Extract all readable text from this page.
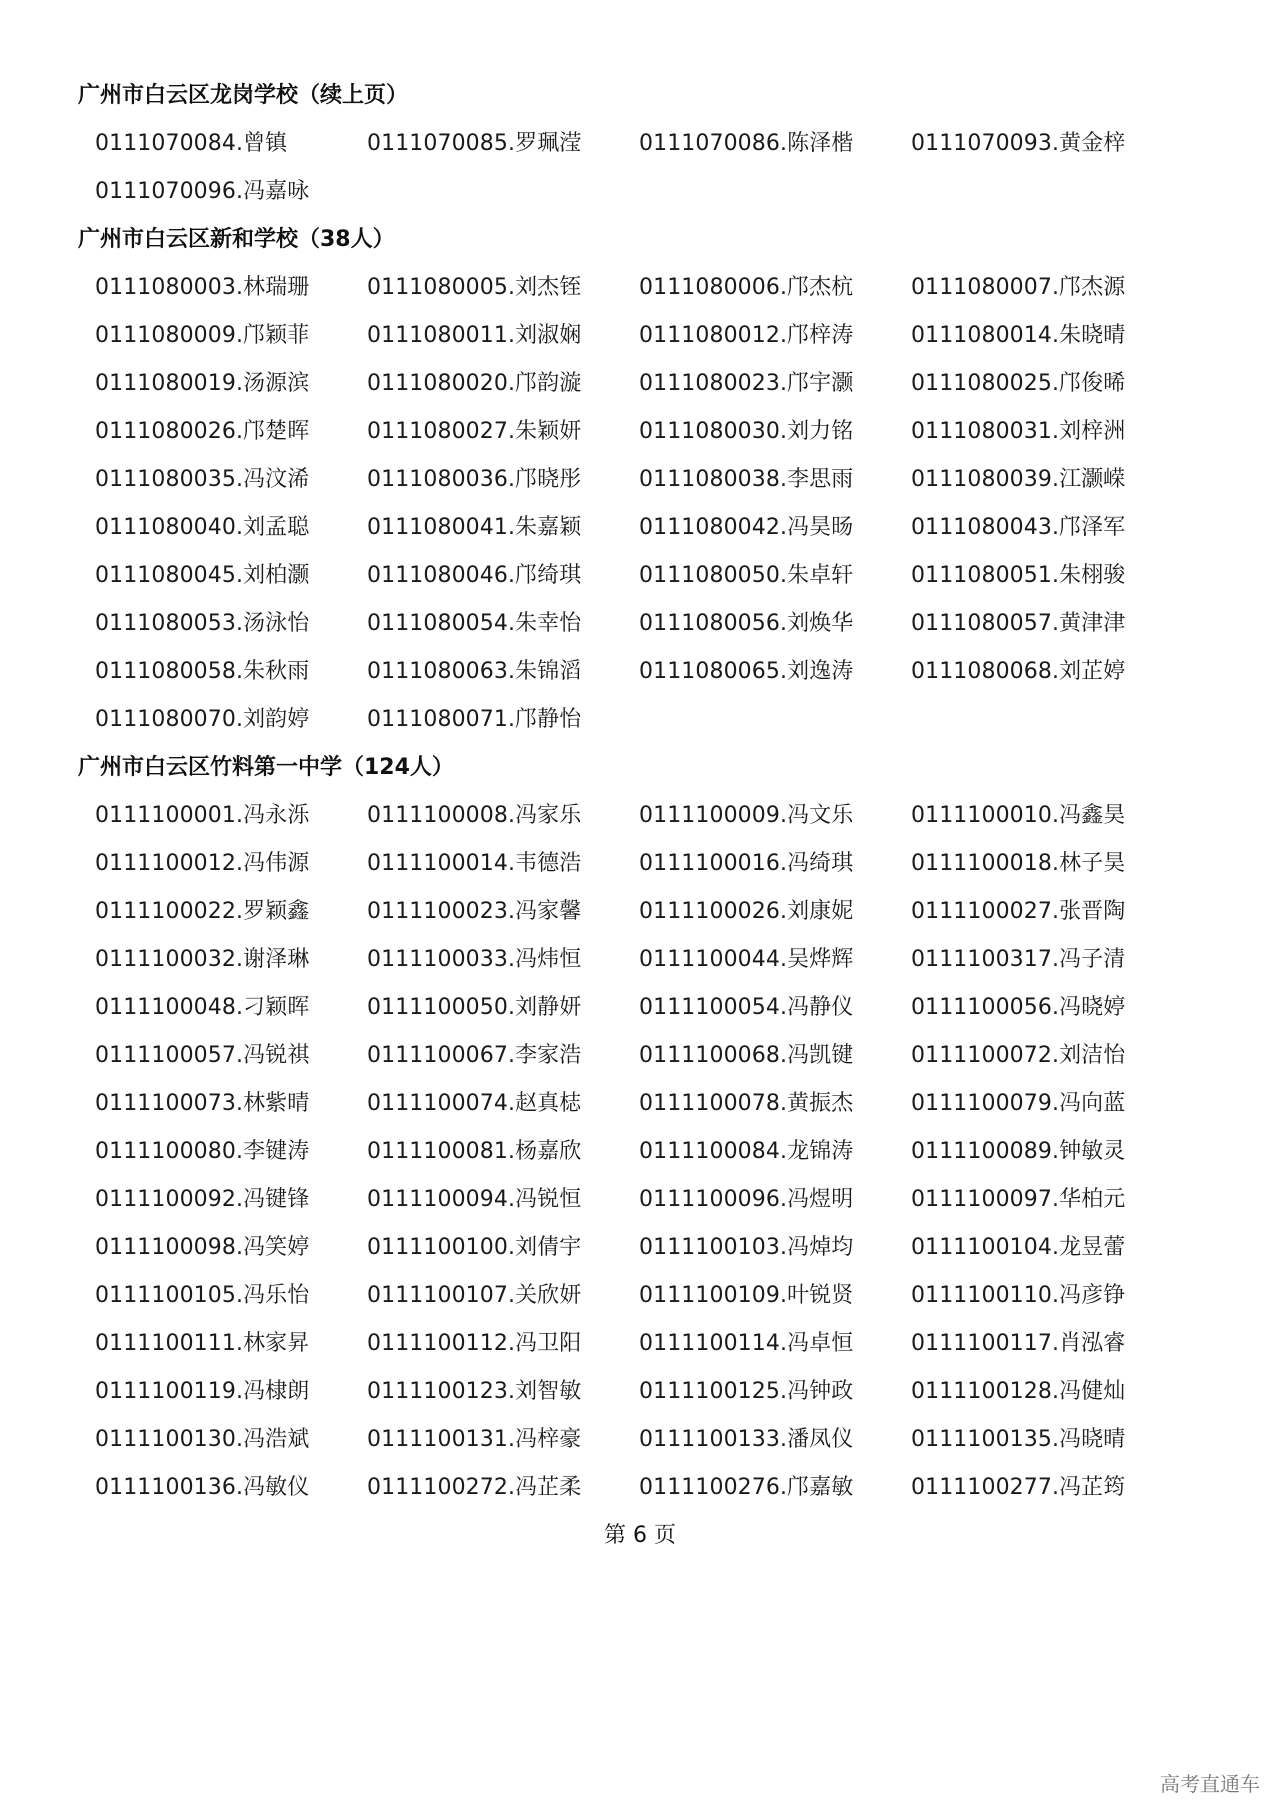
广州市白云区龙岗学校（续上页）
0111070084.曾镇	0111070085.罗珮滢	0111070086.陈泽楷	0111070093.黄金梓
0111070096.冯嘉咏
广州市白云区新和学校（38人）
0111080003.林瑞珊	0111080005.刘杰铚	0111080006.邝杰杭	0111080007.邝杰源
0111080009.邝颖菲	0111080011.刘淑娴	0111080012.邝梓涛	0111080014.朱晓晴
0111080019.汤源滨	0111080020.邝韵漩	0111080023.邝宇灏	0111080025.邝俊晞
0111080026.邝楚晖	0111080027.朱颖妍	0111080030.刘力铭	0111080031.刘梓洲
0111080035.冯汶浠	0111080036.邝晓彤	0111080038.李思雨	0111080039.江灏嵘
0111080040.刘孟聪	0111080041.朱嘉颖	0111080042.冯昊旸	0111080043.邝泽军
0111080045.刘柏灏	0111080046.邝绮琪	0111080050.朱卓轩	0111080051.朱栩骏
0111080053.汤泳怡	0111080054.朱幸怡	0111080056.刘焕华	0111080057.黄津津
0111080058.朱秋雨	0111080063.朱锦滔	0111080065.刘逸涛	0111080068.刘芷婷
0111080070.刘韵婷	0111080071.邝静怡
广州市白云区竹料第一中学（124人）
0111100001.冯永泺	0111100008.冯家乐	0111100009.冯文乐	0111100010.冯鑫昊
0111100012.冯伟源	0111100014.韦德浩	0111100016.冯绮琪	0111100018.林子昊
0111100022.罗颖鑫	0111100023.冯家馨	0111100026.刘康妮	0111100027.张晋陶
0111100032.谢泽琳	0111100033.冯炜恒	0111100044.吴烨辉	0111100317.冯子清
0111100048.刁颖晖	0111100050.刘静妍	0111100054.冯静仪	0111100056.冯晓婷
0111100057.冯锐祺	0111100067.李家浩	0111100068.冯凯键	0111100072.刘洁怡
0111100073.林紫晴	0111100074.赵真梽	0111100078.黄振杰	0111100079.冯向蓝
0111100080.李键涛	0111100081.杨嘉欣	0111100084.龙锦涛	0111100089.钟敏灵
0111100092.冯键锋	0111100094.冯锐恒	0111100096.冯煜明	0111100097.华柏元
0111100098.冯笑婷	0111100100.刘倩宇	0111100103.冯焯均	0111100104.龙昱蕾
0111100105.冯乐怡	0111100107.关欣妍	0111100109.叶锐贤	0111100110.冯彦铮
0111100111.林家昇	0111100112.冯卫阳	0111100114.冯卓恒	0111100117.肖泓睿
0111100119.冯棣朗	0111100123.刘智敏	0111100125.冯钟政	0111100128.冯健灿
0111100130.冯浩斌	0111100131.冯梓豪	0111100133.潘凤仪	0111100135.冯晓晴
0111100136.冯敏仪	0111100272.冯芷柔	0111100276.邝嘉敏	0111100277.冯芷筠
第 6 页
高考直通车
